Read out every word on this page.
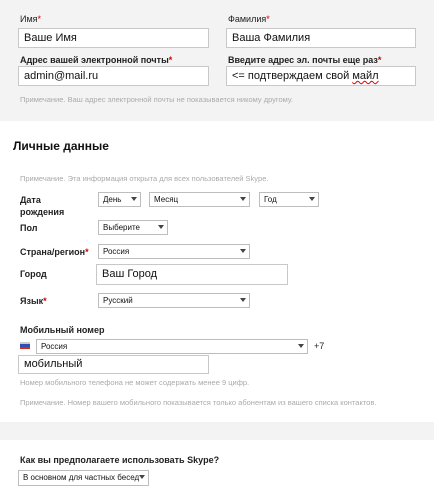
Имя*
Ваше Имя
Фамилия*
Ваша Фамилия
Адрес вашей электронной почты*
admin@mail.ru
Введите адрес эл. почты еще раз*
<= подтверждаем свой майл
Примечание. Ваш адрес электронной почты не показывается никому другому.
Личные данные
Примечание. Эта информация открыта для всех пользователей Skype.
Дата
рождения
День	Месяц	Год
Пол	Выберите
Страна/регион*	Россия
Город	Ваш Город
Язык*	Русский
Мобильный номер
Россия	+7
мобильный
Номер мобильного телефона не может содержать менее 9 цифр.
Примечание. Номер вашего мобильного показывается только абонентам из вашего списка контактов.
Как вы предполагаете использовать Skype?
В основном для частных бесед
